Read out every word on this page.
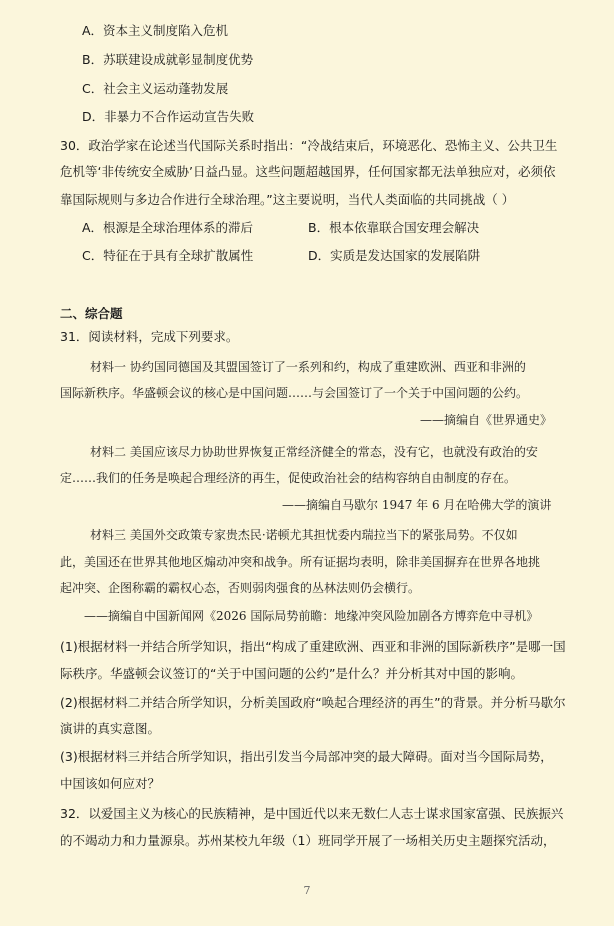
A．资本主义制度陷入危机
B．苏联建设成就彰显制度优势
C．社会主义运动蓬勃发展
D．非暴力不合作运动宣告失败
30．政治学家在论述当代国际关系时指出：“冷战结束后，环境恶化、恐怖主义、公共卫生
危机等‘非传统安全威胁’日益凸显。这些问题超越国界，任何国家都无法单独应对，必须依
靠国际规则与多边合作进行全球治理。”这主要说明，当代人类面临的共同挑战（ ）
A．根源是全球治理体系的滞后	B．根本依靠联合国安理会解决
C．特征在于具有全球扩散属性	D．实质是发达国家的发展陷阱
二、综合题
31．阅读材料，完成下列要求。
材料一 协约国同德国及其盟国签订了一系列和约，构成了重建欧洲、西亚和非洲的
国际新秩序。华盛顿会议的核心是中国问题……与会国签订了一个关于中国问题的公约。
——摘编自《世界通史》
材料二 美国应该尽力协助世界恢复正常经济健全的常态，没有它，也就没有政治的安
定……我们的任务是唤起合理经济的再生，促使政治社会的结构容纳自由制度的存在。
——摘编自马歇尔 1947 年 6 月在哈佛大学的演讲
材料三 美国外交政策专家贵杰民·诺顿尤其担忧委内瑞拉当下的紧张局势。不仅如
此，美国还在世界其他地区煽动冲突和战争。所有证据均表明，除非美国摒弃在世界各地挑
起冲突、企图称霸的霸权心态，否则弱肉强食的丛林法则仍会横行。
——摘编自中国新闻网《2026 国际局势前瞻：地缘冲突风险加剧各方博弈危中寻机》
(1)根据材料一并结合所学知识，指出“构成了重建欧洲、西亚和非洲的国际新秩序”是哪一国
际秩序。华盛顿会议签订的“关于中国问题的公约”是什么？并分析其对中国的影响。
(2)根据材料二并结合所学知识，分析美国政府“唤起合理经济的再生”的背景。并分析马歇尔
演讲的真实意图。
(3)根据材料三并结合所学知识，指出引发当今局部冲突的最大障碍。面对当今国际局势，
中国该如何应对？
32．以爱国主义为核心的民族精神，是中国近代以来无数仁人志士谋求国家富强、民族振兴
的不竭动力和力量源泉。苏州某校九年级（1）班同学开展了一场相关历史主题探究活动，
7
